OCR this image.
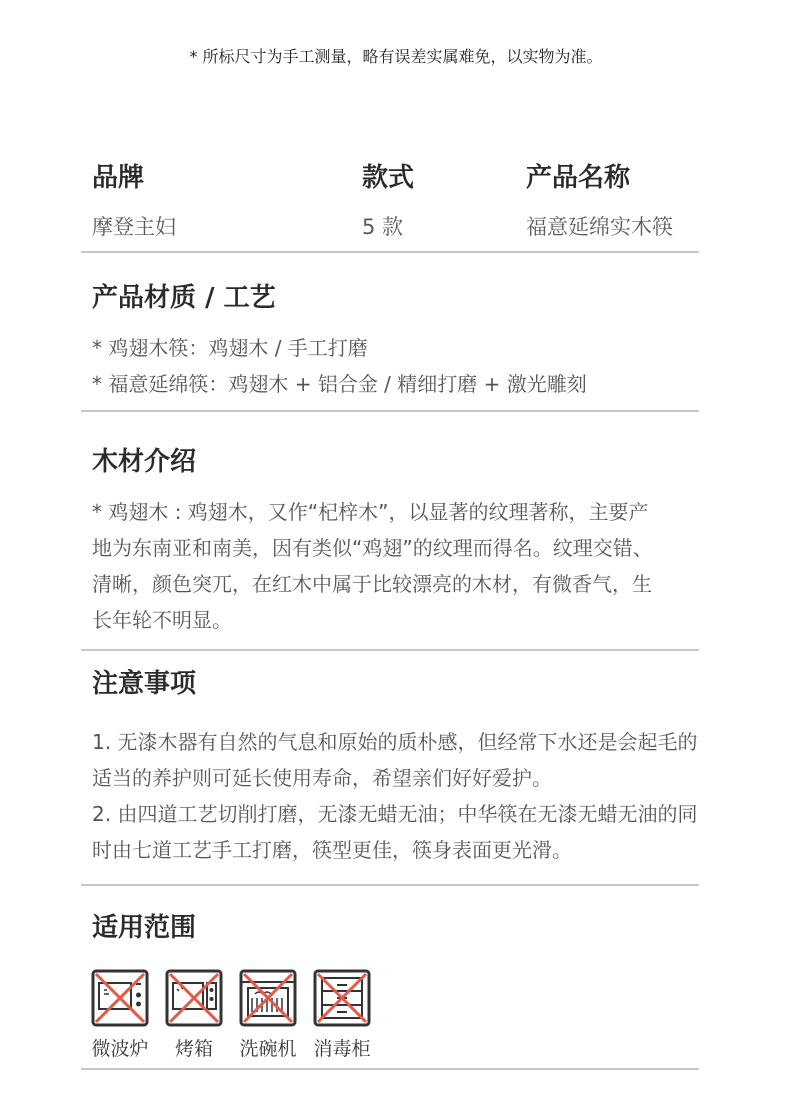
* 所标尺寸为手工测量，略有误差实属难免，以实物为准。
品牌
摩登主妇
款式
5 款
产品名称
福意延绵实木筷
产品材质 / 工艺

* 鸡翅木筷：鸡翅木 / 手工打磨

* 福意延绵筷：鸡翅木 + 铝合金 / 精细打磨 + 激光雕刻

木材介绍

* 鸡翅木 : 鸡翅木，又作“杞梓木”，以显著的纹理著称，主要产

地为东南亚和南美，因有类似“鸡翅”的纹理而得名。纹理交错、

清晰，颜色突兀，在红木中属于比较漂亮的木材，有微香气，生

长年轮不明显。

注意事项

1. 无漆木器有自然的气息和原始的质朴感，但经常下水还是会起毛的

适当的养护则可延长使用寿命，希望亲们好好爱护。

2. 由四道工艺切削打磨，无漆无蜡无油；中华筷在无漆无蜡无油的同

时由七道工艺手工打磨，筷型更佳，筷身表面更光滑。

适用范围
微波炉 烤箱 洗碗机 消毒柜
